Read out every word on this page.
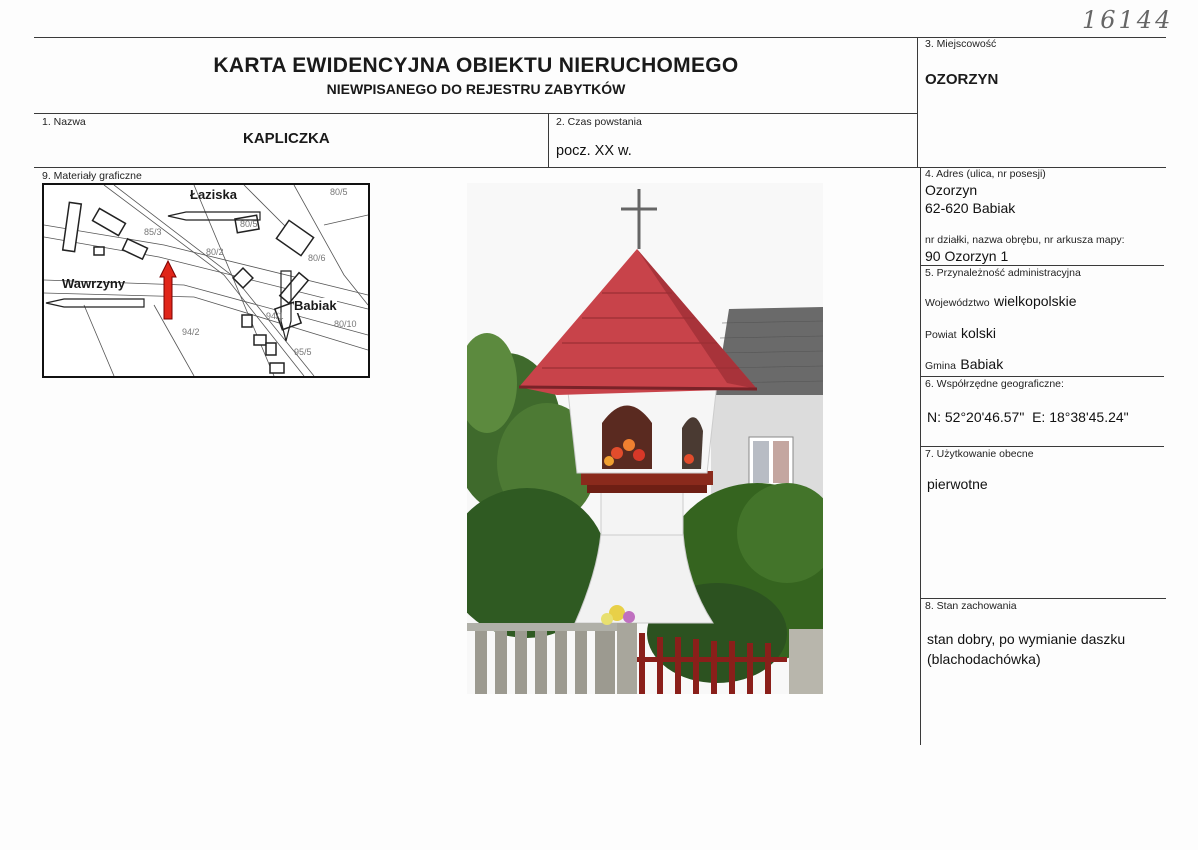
16144
KARTA EWIDENCYJNA OBIEKTU NIERUCHOMEGO
NIEWPISANEGO DO REJESTRU ZABYTKÓW
3. Miejscowość
OZORZYN
1. Nazwa
KAPLICZKA
2. Czas powstania
pocz. XX w.
9. Materiały graficzne	4. Adres (ulica, nr posesji)
Ozorzyn
62-620 Babiak
nr działki, nazwa obrębu, nr arkusza mapy:
90 Ozorzyn 1
5. Przynależność administracyjna
Województwo wielkopolskie
Powiat kolski
Gmina Babiak
6. Współrzędne geograficzne:
N: 52°20'46.57"  E: 18°38'45.24"
7. Użytkowanie obecne
pierwotne
8. Stan zachowania
stan dobry, po wymianie daszku
(blachodachówka)
Łaziska
Wawrzyny
Babiak
85/3
80/5
80/2
80/6
80/5
94/2
94/1
95/5
80/10
